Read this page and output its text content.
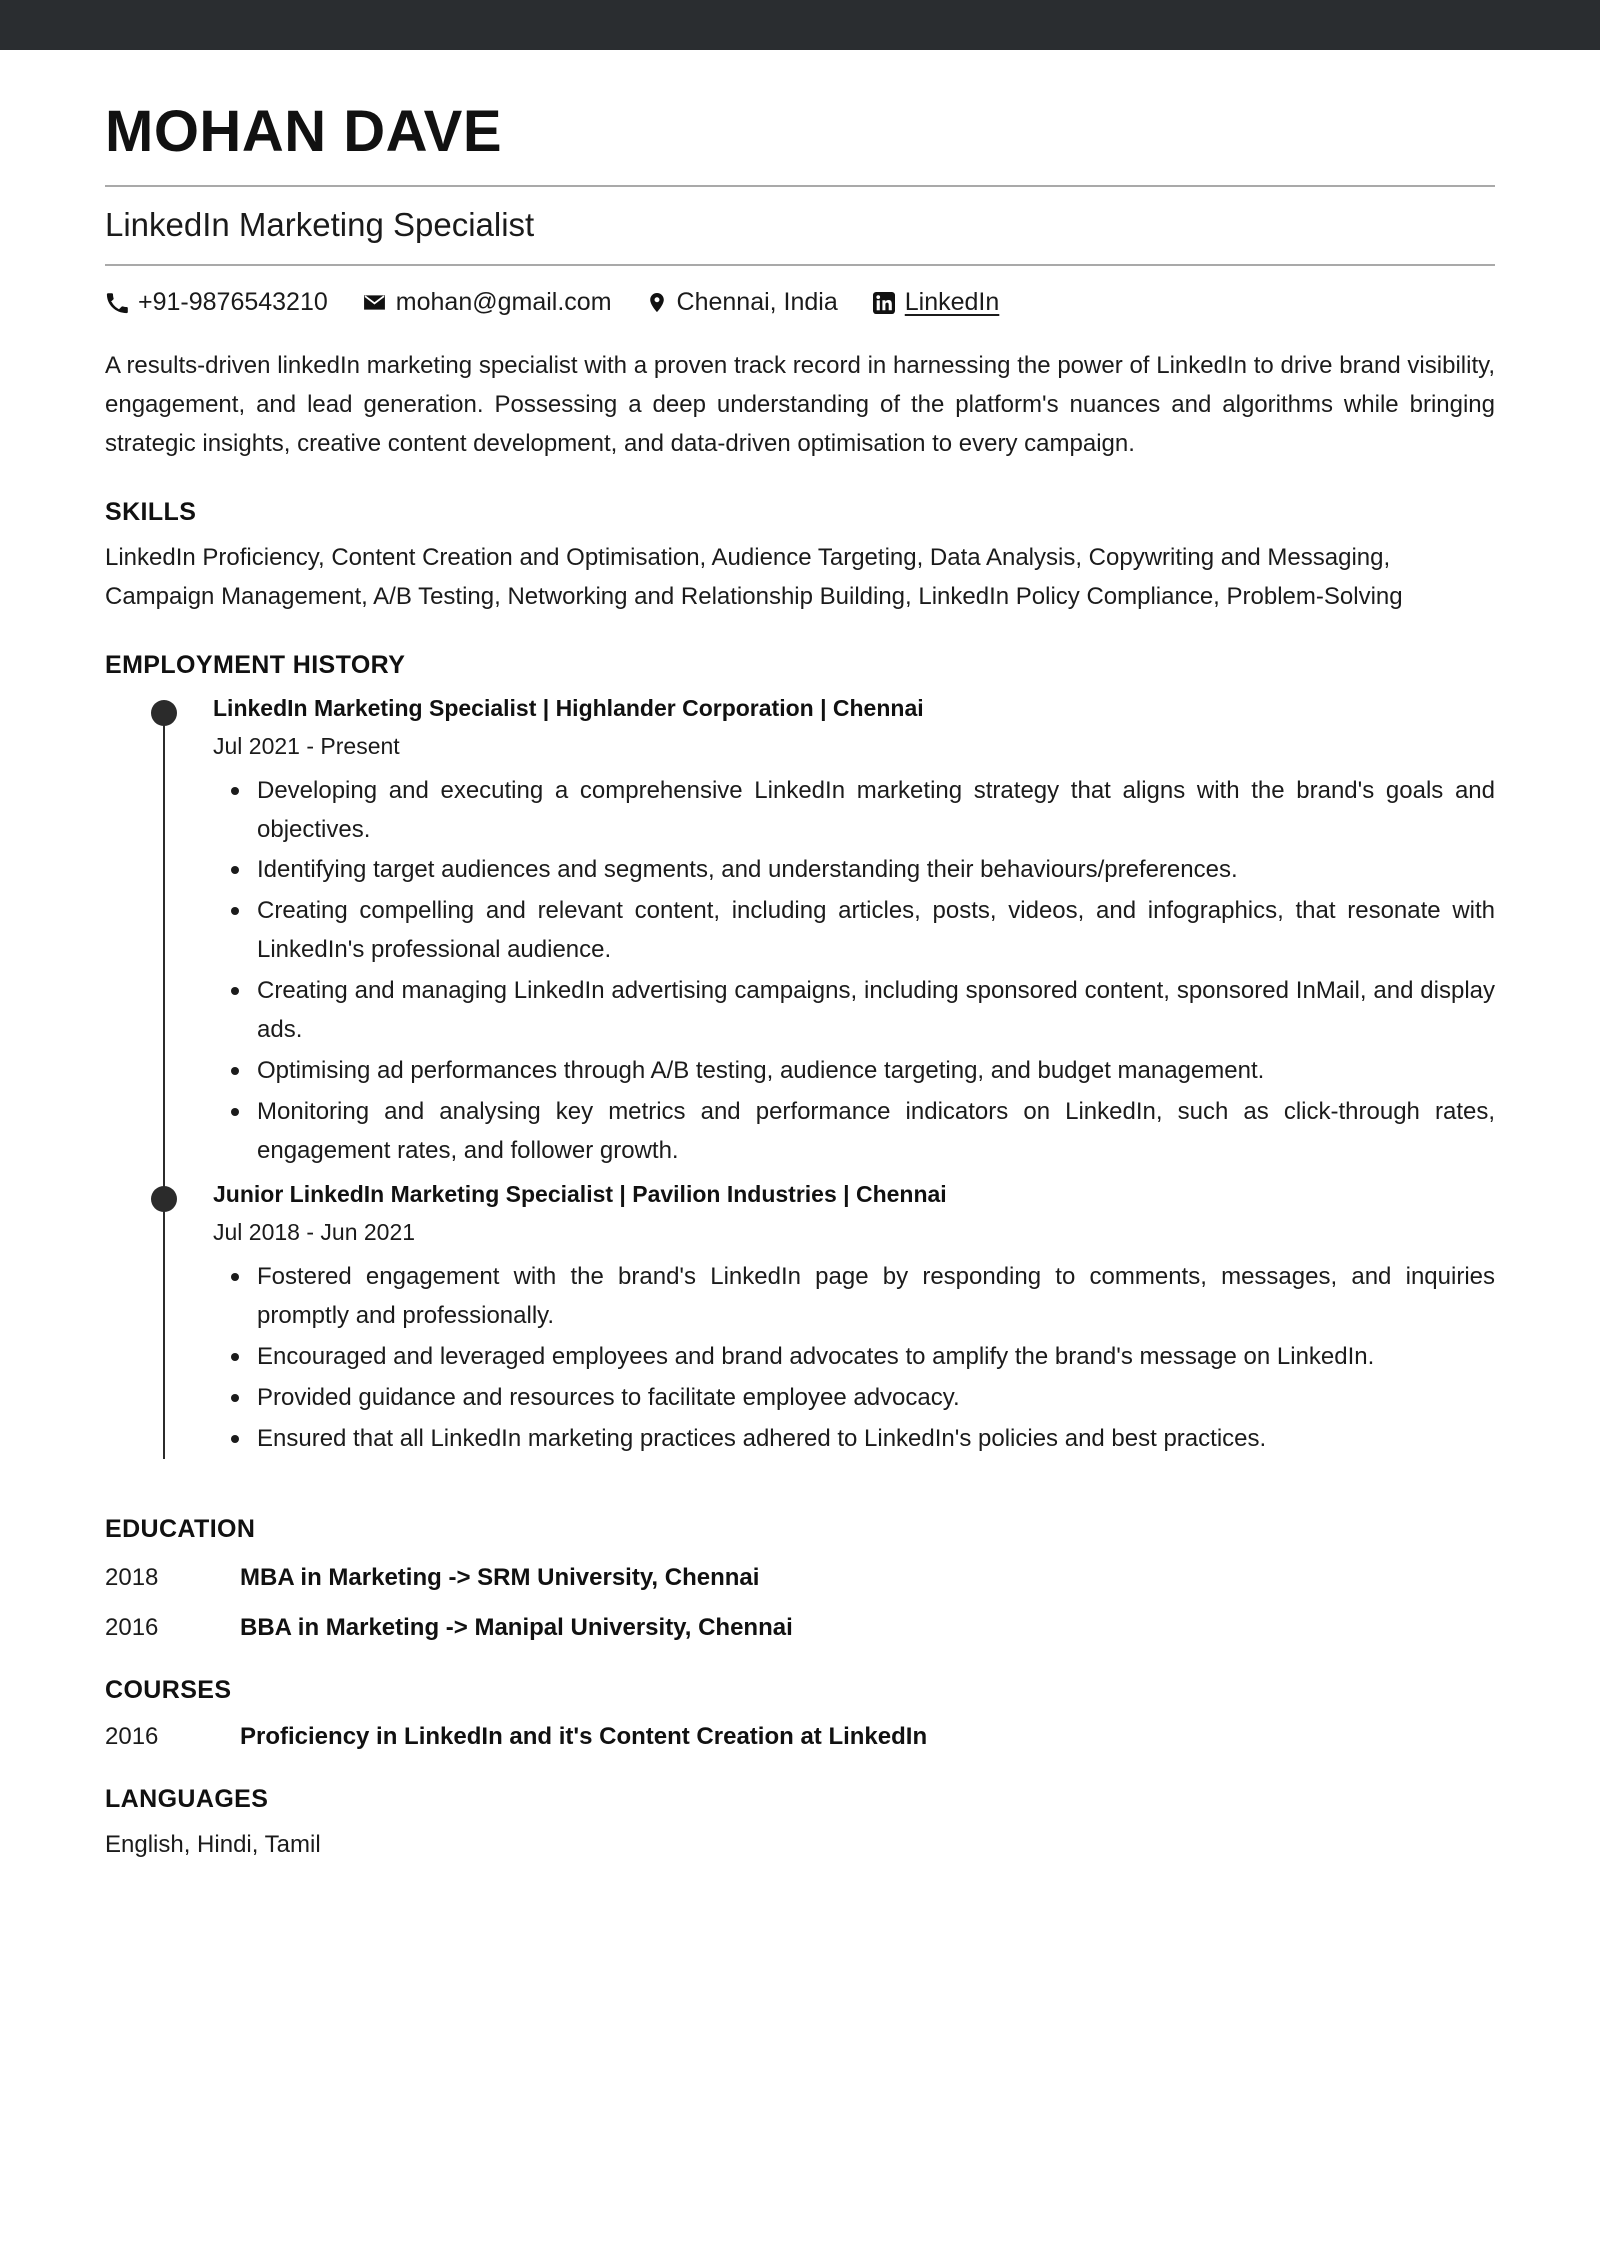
MOHAN DAVE
LinkedIn Marketing Specialist
+91-9876543210	mohan@gmail.com	Chennai, India	LinkedIn

A results-driven linkedIn marketing specialist with a proven track record in harnessing the power of LinkedIn to drive brand visibility, engagement, and lead generation. Possessing a deep understanding of the platform's nuances and algorithms while bringing strategic insights, creative content development, and data-driven optimisation to every campaign.

SKILLS
LinkedIn Proficiency, Content Creation and Optimisation, Audience Targeting, Data Analysis, Copywriting and Messaging, Campaign Management, A/B Testing, Networking and Relationship Building, LinkedIn Policy Compliance, Problem-Solving
EMPLOYMENT HISTORY
LinkedIn Marketing Specialist | Highlander Corporation | Chennai
Jul 2021 - Present
Developing and executing a comprehensive LinkedIn marketing strategy that aligns with the brand's goals and objectives.
Identifying target audiences and segments, and understanding their behaviours/preferences.
Creating compelling and relevant content, including articles, posts, videos, and infographics, that resonate with LinkedIn's professional audience.
Creating and managing LinkedIn advertising campaigns, including sponsored content, sponsored InMail, and display ads.
Optimising ad performances through A/B testing, audience targeting, and budget management.
Monitoring and analysing key metrics and performance indicators on LinkedIn, such as click-through rates, engagement rates, and follower growth.
Junior LinkedIn Marketing Specialist | Pavilion Industries | Chennai
Jul 2018 - Jun 2021
Fostered engagement with the brand's LinkedIn page by responding to comments, messages, and inquiries promptly and professionally.
Encouraged and leveraged employees and brand advocates to amplify the brand's message on LinkedIn.
Provided guidance and resources to facilitate employee advocacy.
Ensured that all LinkedIn marketing practices adhered to LinkedIn's policies and best practices.
EDUCATION
2018	MBA in Marketing -> SRM University, Chennai
2016	BBA in Marketing -> Manipal University, Chennai
COURSES
2016	Proficiency in LinkedIn and it's Content Creation at LinkedIn
LANGUAGES
English, Hindi, Tamil
